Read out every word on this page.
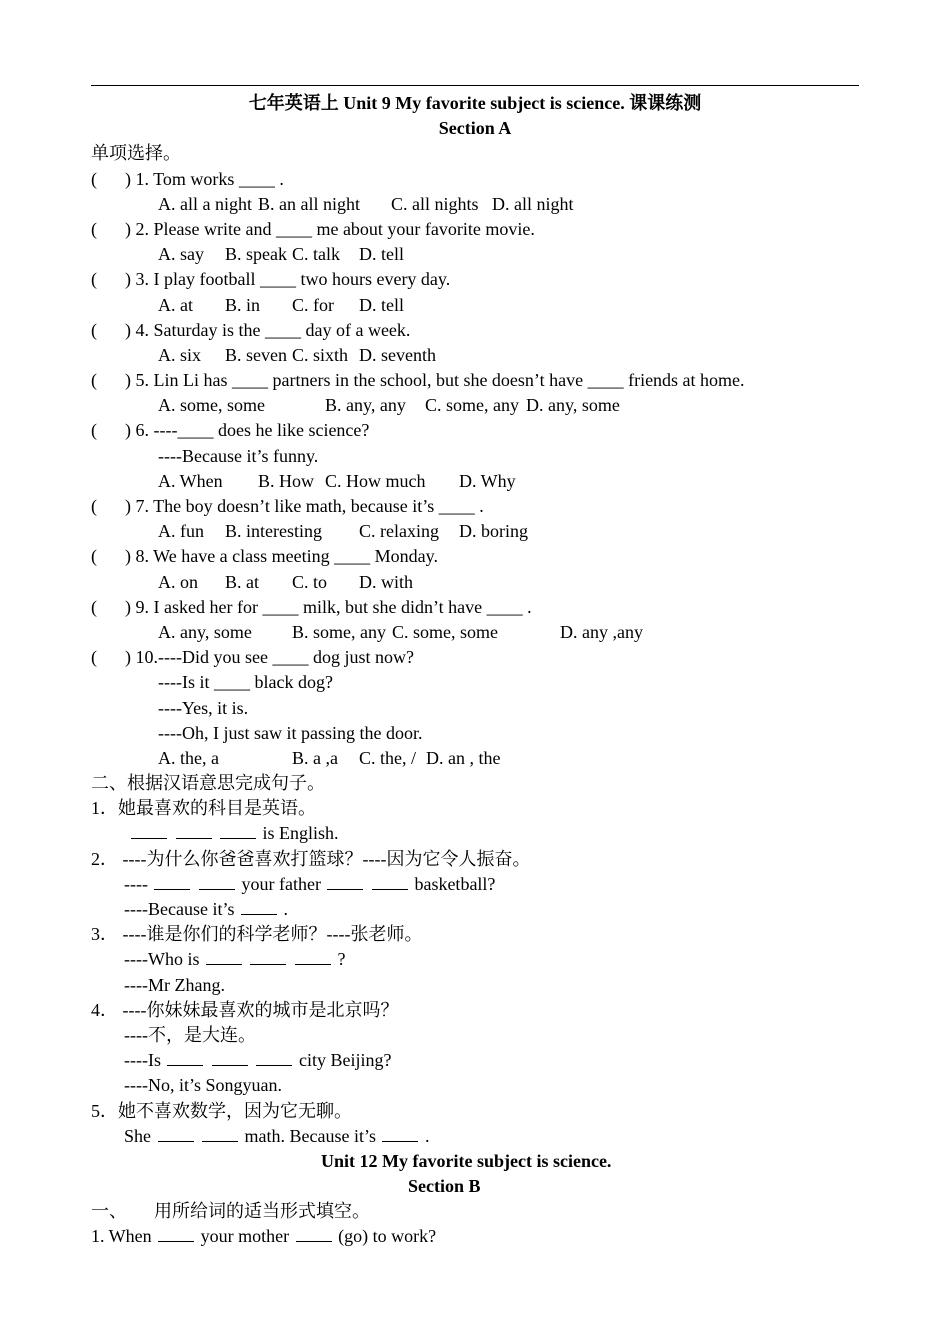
七年英语上 Unit 9 My favorite subject is science. 课课练测
Section A
单项选择。
( ) 1. Tom works ____ .
A. all a night B. an all night C. all nights D. all night
( ) 2. Please write and ____ me about your favorite movie.
A. say B. speak C. talk D. tell
( ) 3. I play football ____ two hours every day.
A. at B. in C. for D. tell
( ) 4. Saturday is the ____ day of a week.
A. six B. seven C. sixth D. seventh
( ) 5. Lin Li has ____ partners in the school, but she doesn’t have ____ friends at home.
A. some, some	B. any, any C. some, any D. any, some
( ) 6. ----____ does he like science?
----Because it’s funny.
A. When B. How C. How much D. Why
( ) 7. The boy doesn’t like math, because it’s ____ .
A. fun B. interesting C. relaxing D. boring
( ) 8. We have a class meeting ____ Monday.
A. on B. at C. to D. with
( ) 9. I asked her for ____ milk, but she didn’t have ____ .
A. any, some B. some, any C. some, some	D. any ,any
( ) 10.----Did you see ____ dog just now?
----Is it ____ black dog?
----Yes, it is.
----Oh, I just saw it passing the door.
A. the, a	B. a ,a C. the, / D. an , the
二、根据汉语意思完成句子。
1．她最喜欢的科目是英语。
is English.
2． ----为什么你爸爸喜欢打篮球？----因为它令人振奋。
----	your father	basketball?
----Because it’s	.
3． ----谁是你们的科学老师？----张老师。
----Who is	?
----Mr Zhang.
4． ----你妹妹最喜欢的城市是北京吗？
----不，是大连。
----Is	city Beijing?
----No, it’s Songyuan.
5．她不喜欢数学，因为它无聊。
She	math. Because it’s	.
Unit 12 My favorite subject is science.
Section B
一、      用所给词的适当形式填空。
1. When	your mother	(go) to work?
